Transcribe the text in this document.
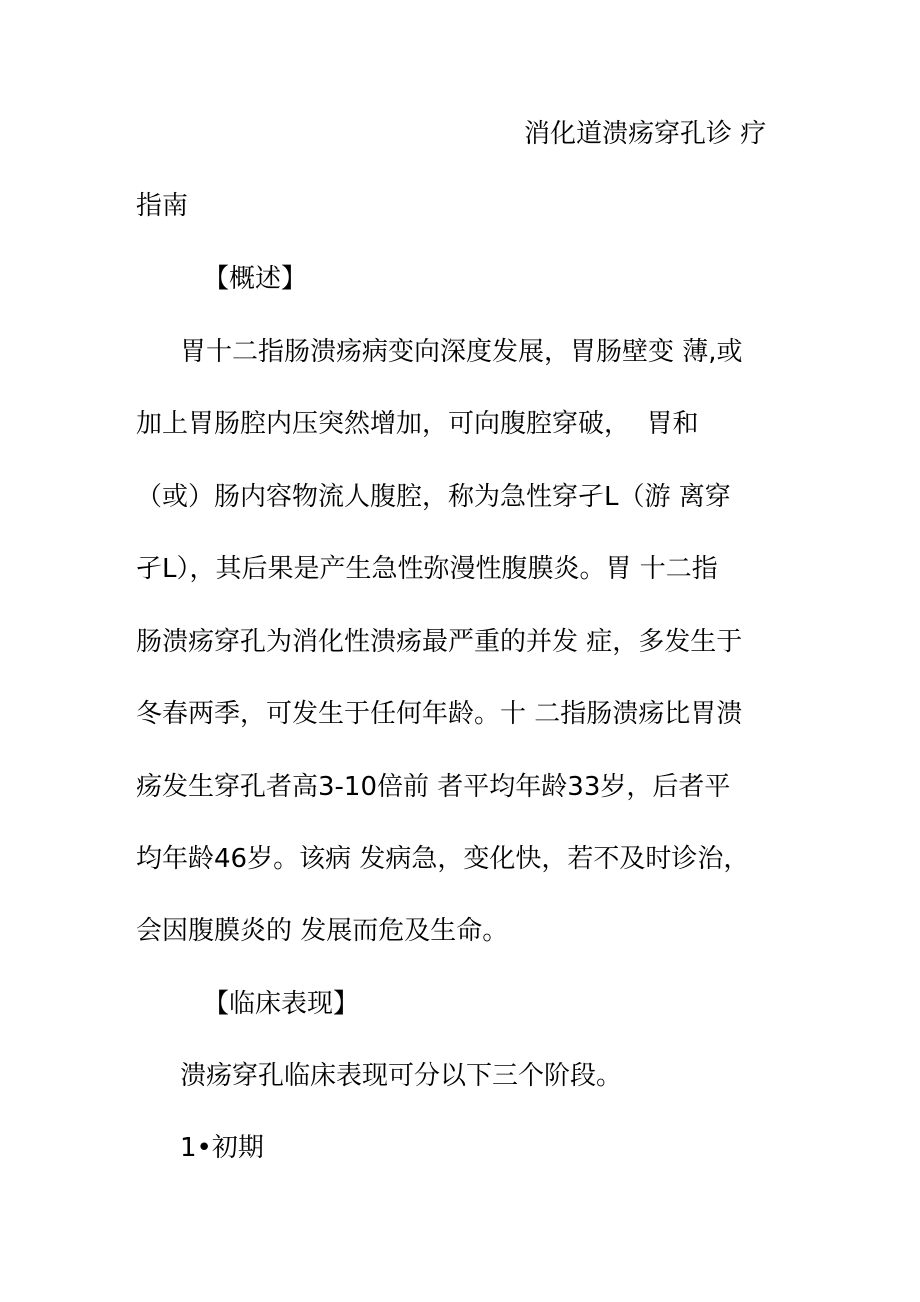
消化道溃疡穿孔诊 疗
指南
【概述】
胃十二指肠溃疡病变向深度发展，胃肠壁变 薄,或
加上胃肠腔内压突然增加，可向腹腔穿破，  胃和
（或）肠内容物流人腹腔，称为急性穿孑L（游 离穿
孑L），其后果是产生急性弥漫性腹膜炎。胃 十二指
肠溃疡穿孔为消化性溃疡最严重的并发 症，多发生于
冬春两季，可发生于任何年龄。十 二指肠溃疡比胃溃
疡发生穿孔者高3-10倍前 者平均年龄33岁，后者平
均年龄46岁。该病 发病急，变化快，若不及时诊治，
会因腹膜炎的 发展而危及生命。
【临床表现】
溃疡穿孔临床表现可分以下三个阶段。
1•初期
